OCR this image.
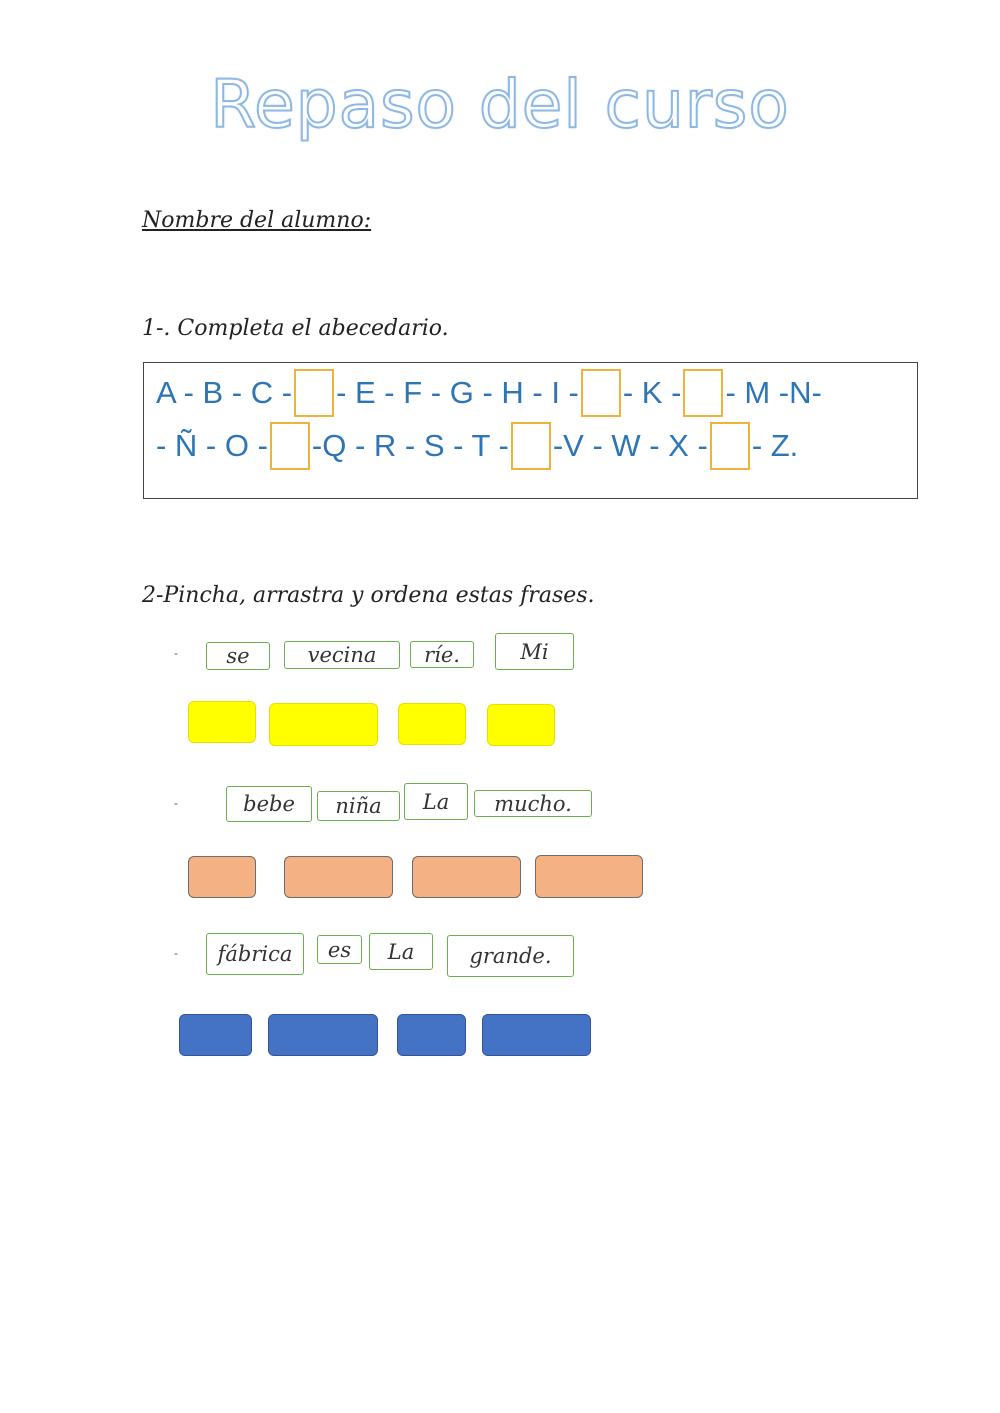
Repaso del curso
Nombre del alumno:
1-. Completa el abecedario.
A - B - C - - E - F - G - H - I - - K - - M -N-
- Ñ - O - -Q - R - S - T - -V - W - X - - Z.
2-Pincha, arrastra y ordena estas frases.
-	se	vecina	ríe.	Mi
-	bebe	niña	La	mucho.
-	fábrica	es	La	grande.
